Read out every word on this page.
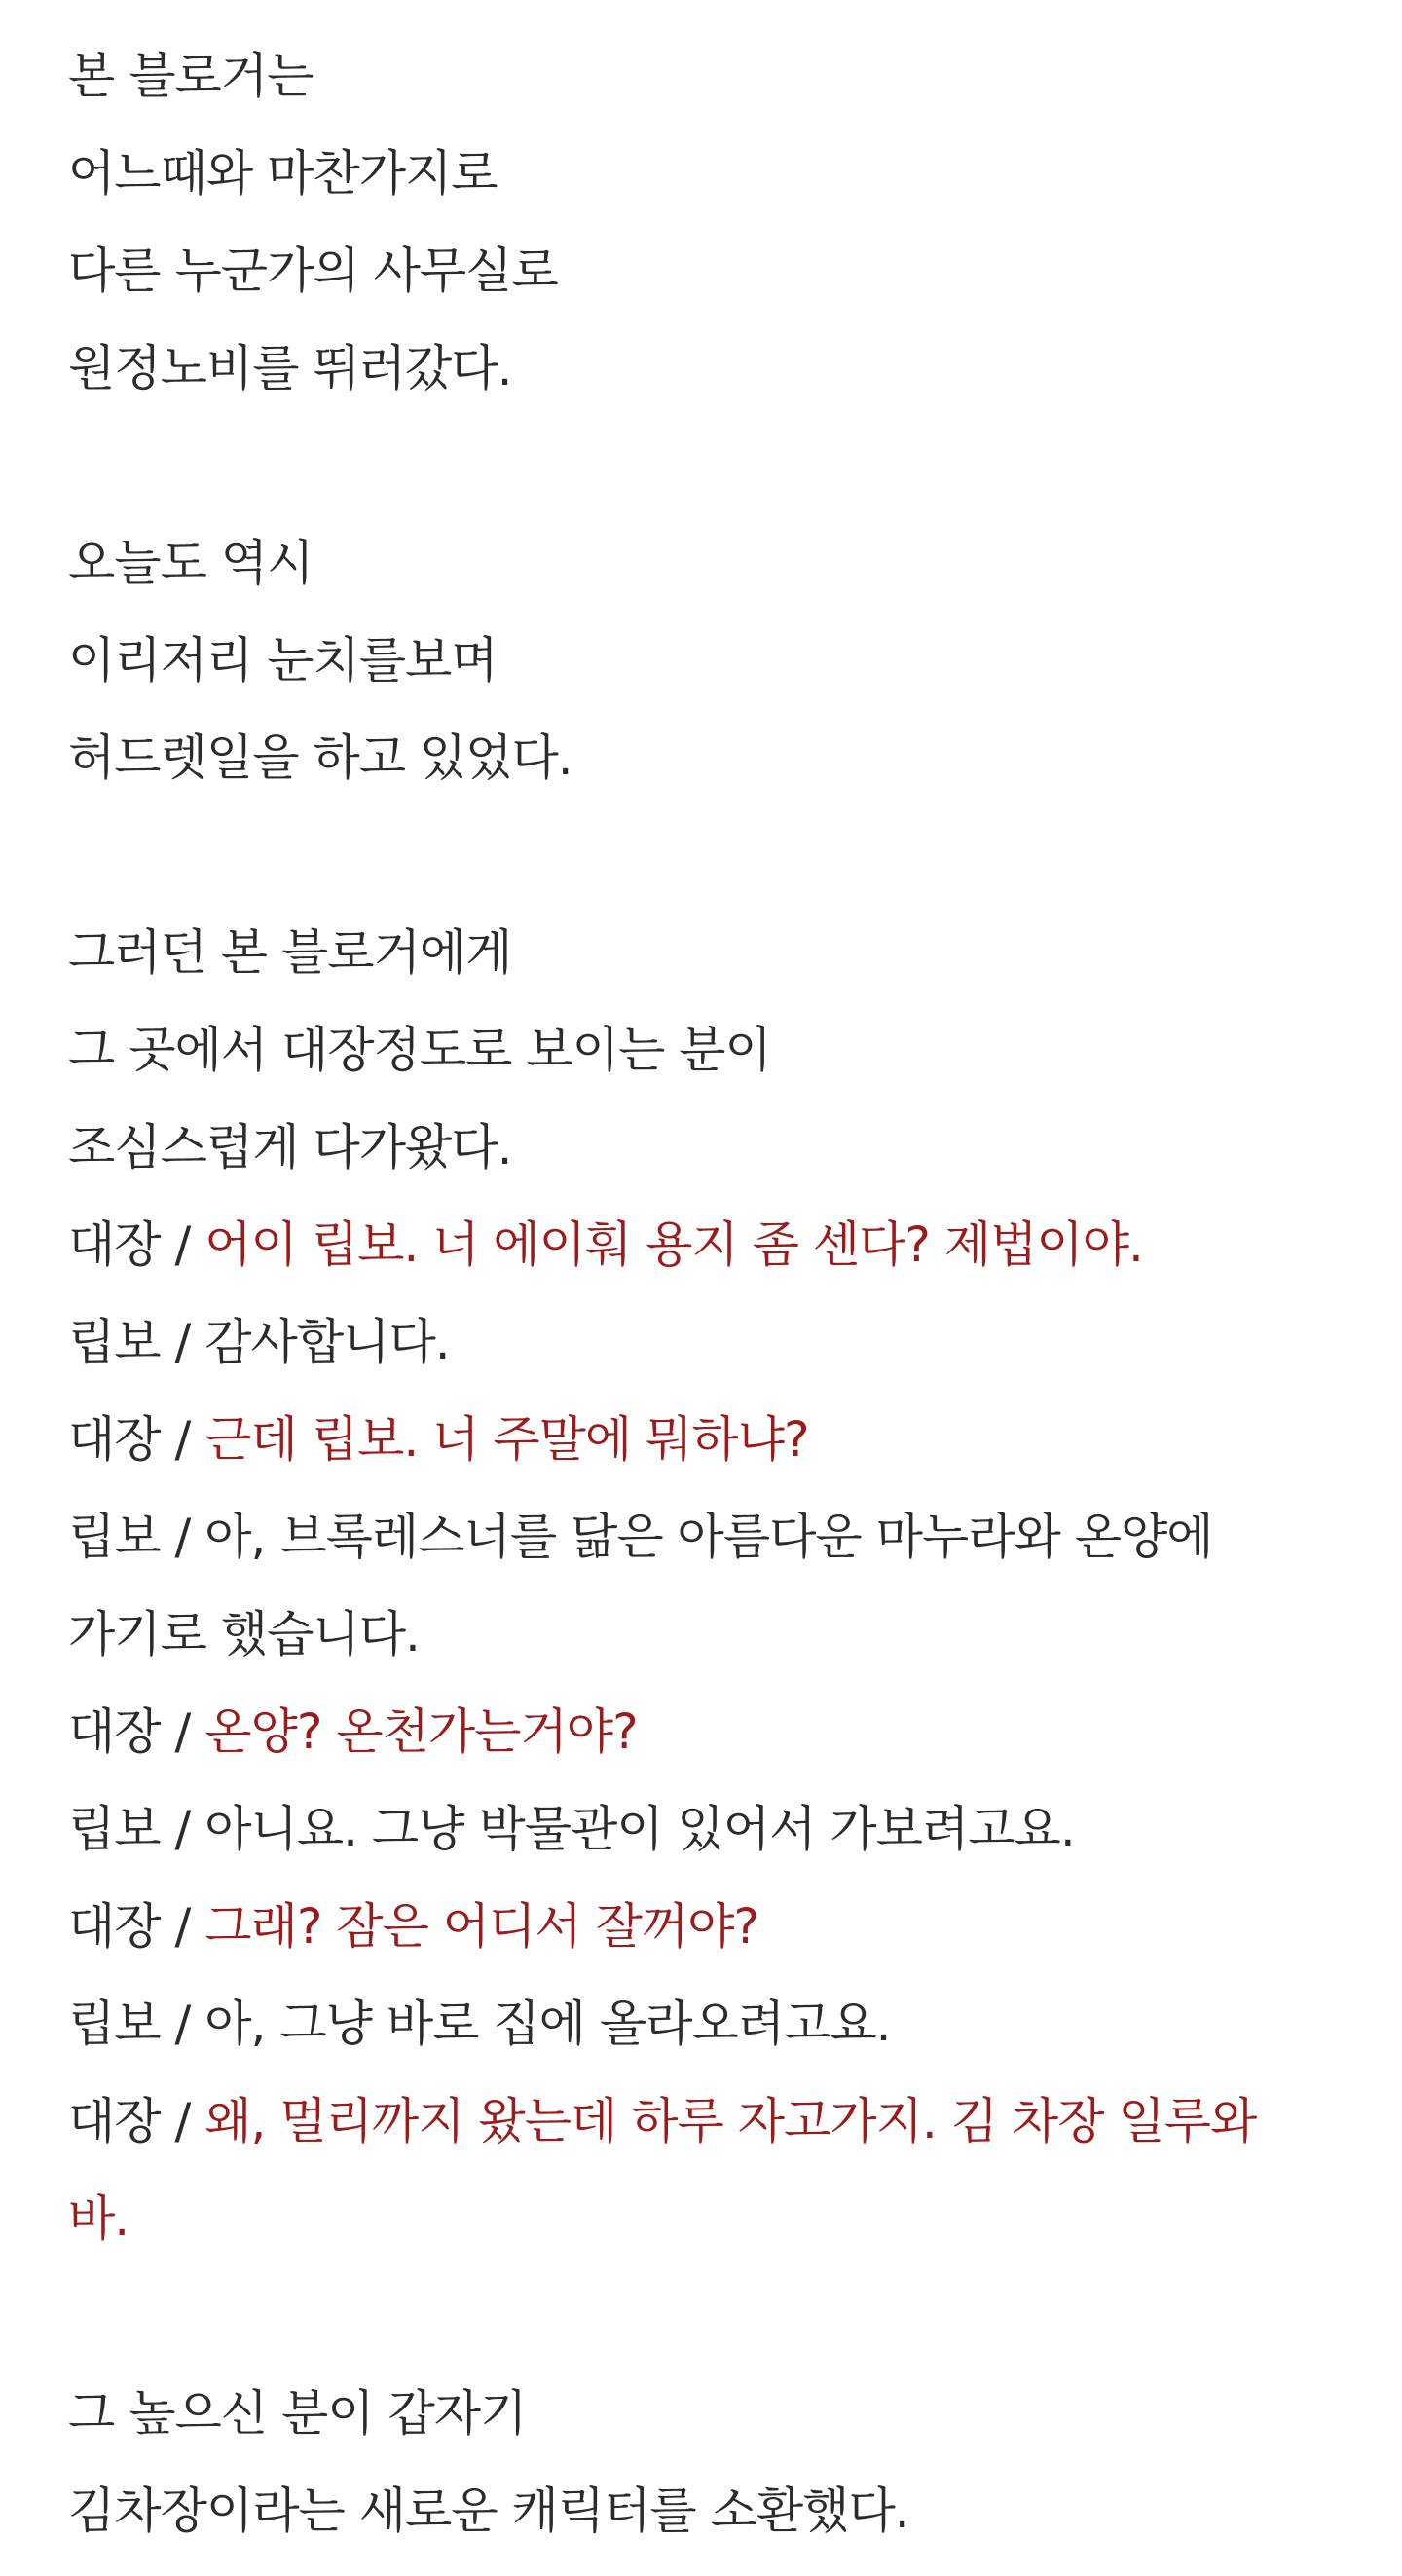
본 블로거는
어느때와 마찬가지로
다른 누군가의 사무실로
원정노비를 뛰러갔다.
오늘도 역시
이리저리 눈치를보며
허드렛일을 하고 있었다.
그러던 본 블로거에게
그 곳에서 대장정도로 보이는 분이
조심스럽게 다가왔다.
대장 / 어이 립보. 너 에이훠 용지 좀 센다? 제법이야.
립보 / 감사합니다.
대장 / 근데 립보. 너 주말에 뭐하냐?
립보 / 아, 브록레스너를 닮은 아름다운 마누라와 온양에
가기로 했습니다.
대장 / 온양? 온천가는거야?
립보 / 아니요. 그냥 박물관이 있어서 가보려고요.
대장 / 그래? 잠은 어디서 잘꺼야?
립보 / 아, 그냥 바로 집에 올라오려고요.
대장 / 왜, 멀리까지 왔는데 하루 자고가지. 김 차장 일루와
바.
그 높으신 분이 갑자기
김차장이라는 새로운 캐릭터를 소환했다.
